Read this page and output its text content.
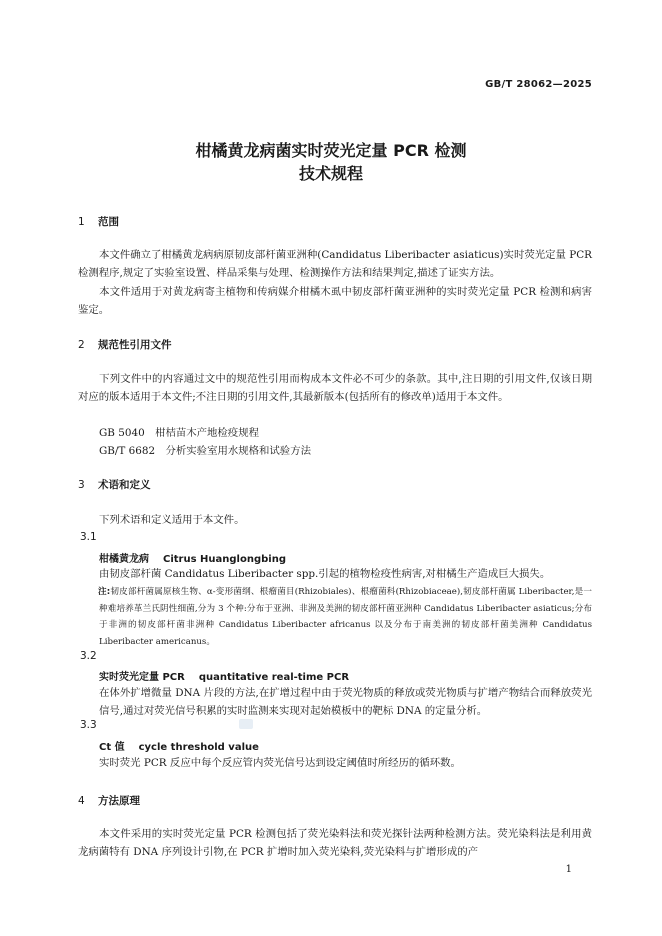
GB/T 28062—2025
柑橘黄龙病菌实时荧光定量 PCR 检测
技术规程
1 范围
本文件确立了柑橘黄龙病病原韧皮部杆菌亚洲种(Candidatus Liberibacter asiaticus)实时荧光定量 PCR 检测程序,规定了实验室设置、样品采集与处理、检测操作方法和结果判定,描述了证实方法。
本文件适用于对黄龙病寄主植物和传病媒介柑橘木虱中韧皮部杆菌亚洲种的实时荧光定量 PCR 检测和病害鉴定。
2 规范性引用文件
下列文件中的内容通过文中的规范性引用而构成本文件必不可少的条款。其中,注日期的引用文件,仅该日期对应的版本适用于本文件;不注日期的引用文件,其最新版本(包括所有的修改单)适用于本文件。
GB 5040　柑桔苗木产地检疫规程
GB/T 6682　分析实验室用水规格和试验方法
3 术语和定义
下列术语和定义适用于本文件。
3.1
柑橘黄龙病 Citrus Huanglongbing
由韧皮部杆菌 Candidatus Liberibacter spp.引起的植物检疫性病害,对柑橘生产造成巨大损失。
注:韧皮部杆菌属原核生物、α-变形菌纲、根瘤菌目(Rhizobiales)、根瘤菌科(Rhizobiaceae),韧皮部杆菌属 Liberibacter,是一种难培养革兰氏阴性细菌,分为 3 个种:分布于亚洲、非洲及美洲的韧皮部杆菌亚洲种 Candidatus Liberibacter asiaticus;分布于非洲的韧皮部杆菌非洲种 Candidatus Liberibacter africanus 以及分布于南美洲的韧皮部杆菌美洲种 Candidatus Liberibacter americanus。
3.2
实时荧光定量 PCR quantitative real-time PCR
在体外扩增微量 DNA 片段的方法,在扩增过程中由于荧光物质的释放或荧光物质与扩增产物结合而释放荧光信号,通过对荧光信号积累的实时监测来实现对起始模板中的靶标 DNA 的定量分析。
3.3
Ct 值 cycle threshold value
实时荧光 PCR 反应中每个反应管内荧光信号达到设定阈值时所经历的循环数。
4 方法原理
本文件采用的实时荧光定量 PCR 检测包括了荧光染料法和荧光探针法两种检测方法。荧光染料法是利用黄龙病菌特有 DNA 序列设计引物,在 PCR 扩增时加入荧光染料,荧光染料与扩增形成的产
1
